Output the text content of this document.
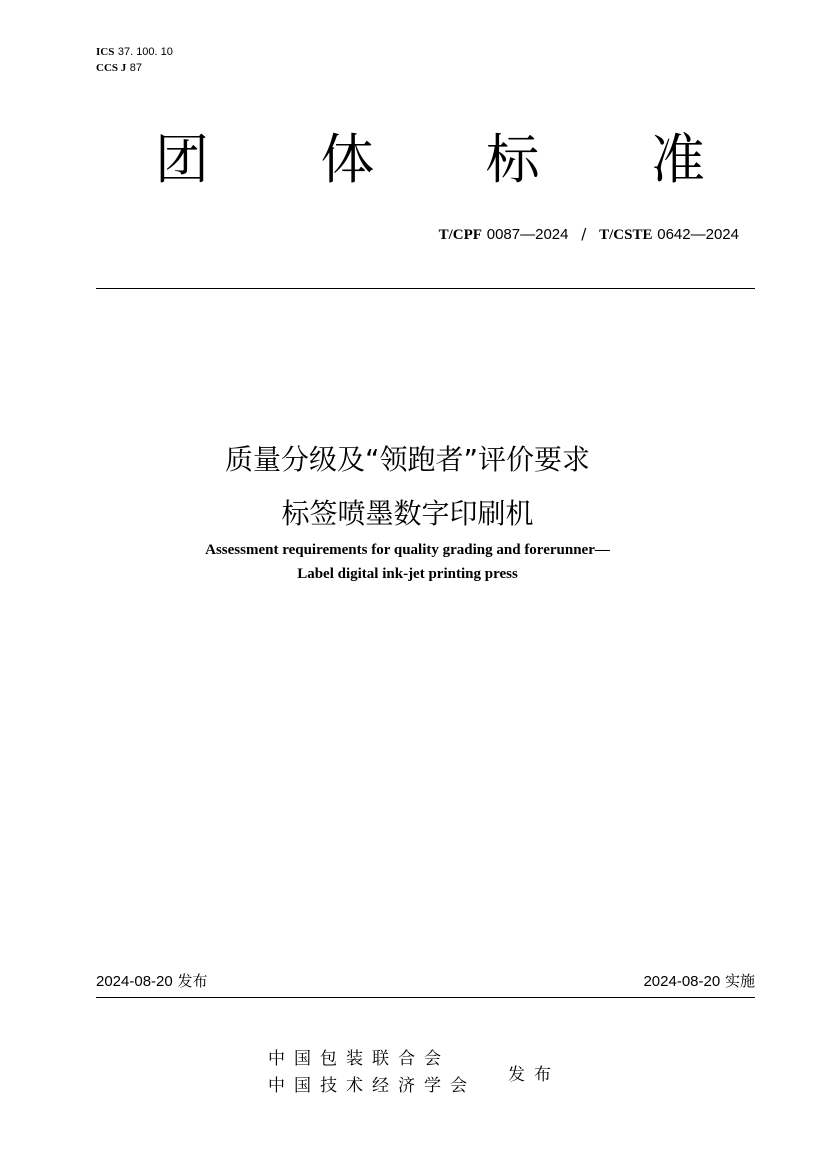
ICS 37. 100. 10
CCS J 87
团 体 标 准
T/CPF 0087—2024 / T/CSTE 0642—2024
质量分级及“领跑者”评价要求
标签喷墨数字印刷机
Assessment requirements for quality grading and forerunner—
Label digital ink-jet printing press
2024-08-20 发布	2024-08-20 实施
中国包装联合会
中国技术经济学会
发布
